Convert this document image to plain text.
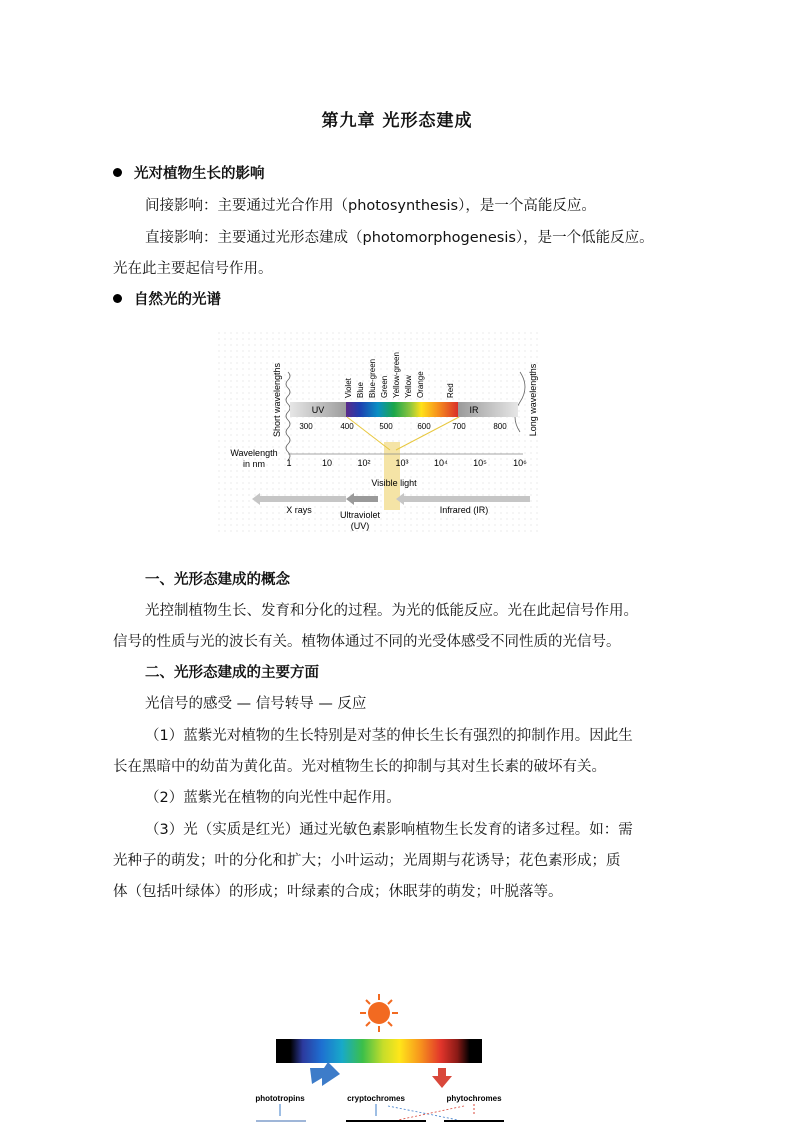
第九章 光形态建成
光对植物生长的影响
间接影响：主要通过光合作用（photosynthesis），是一个高能反应。
直接影响：主要通过光形态建成（photomorphogenesis），是一个低能反应。
光在此主要起信号作用。
自然光的光谱
Short wavelengths	Long wavelengths
Violet Blue Blue-green Green Yellow-green Yellow Orange	Red
UV	IR
300	400	500	600	700	800
Wavelength
in nm 1	10	10²	10³	10⁴	10⁵	10⁶
Visible light
X rays	Ultraviolet
(UV)
Infrared (IR)
一、光形态建成的概念
光控制植物生长、发育和分化的过程。为光的低能反应。光在此起信号作用。
信号的性质与光的波长有关。植物体通过不同的光受体感受不同性质的光信号。
二、光形态建成的主要方面
光信号的感受 — 信号转导 — 反应
（1）蓝紫光对植物的生长特别是对茎的伸长生长有强烈的抑制作用。因此生
长在黑暗中的幼苗为黄化苗。光对植物生长的抑制与其对生长素的破坏有关。
（2）蓝紫光在植物的向光性中起作用。
（3）光（实质是红光）通过光敏色素影响植物生长发育的诸多过程。如：需
光种子的萌发；叶的分化和扩大；小叶运动；光周期与花诱导；花色素形成；质
体（包括叶绿体）的形成；叶绿素的合成；休眠芽的萌发；叶脱落等。
phototropins	cryptochromes	phytochromes
